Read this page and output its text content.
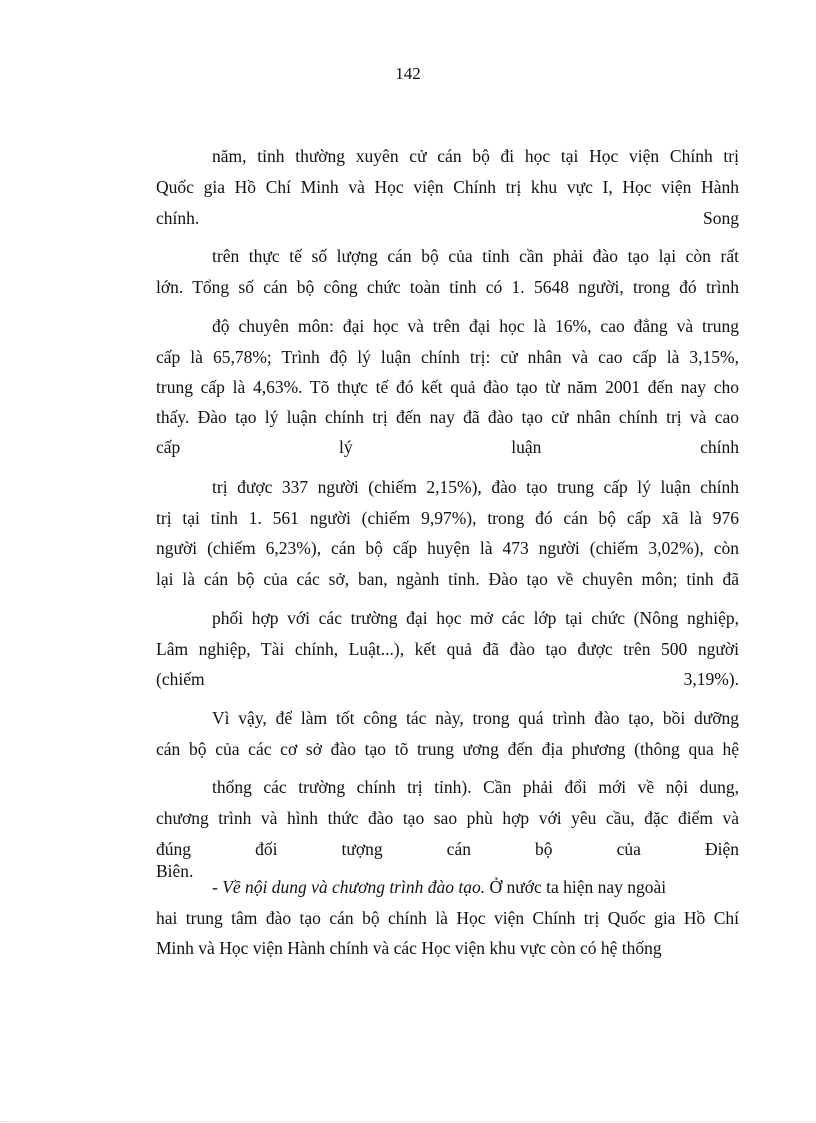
142
năm, tỉnh thường xuyên cử cán bộ đi học tại Học viện Chính trị
Quốc gia Hồ Chí Minh và Học viện Chính trị khu vực I, Học viện Hành
chính.	Song
trên thực tế số lượng cán bộ của tỉnh cần phải đào tạo lại còn rất
lớn. Tổng số cán bộ công chức toàn tỉnh có 1. 5648 người, trong đó trình
độ chuyên môn: đại học và trên đại học là 16%, cao đẳng và trung
cấp là 65,78%; Trình độ lý luận chính trị: cử nhân và cao cấp là 3,15%,
trung cấp là 4,63%. Tõ thực tế đó kết quả đào tạo từ năm 2001 đến nay cho
thấy. Đào tạo lý luận chính trị đến nay đã đào tạo cử nhân chính trị và cao
cấp lý luận chính
trị được 337 người (chiếm 2,15%), đào tạo trung cấp lý luận chính
trị tại tỉnh 1. 561 người (chiếm 9,97%), trong đó cán bộ cấp xã là 976
người (chiếm 6,23%), cán bộ cấp huyện là 473 người (chiếm 3,02%), còn
lại là cán bộ của các sở, ban, ngành tỉnh. Đào tạo về chuyên môn; tỉnh đã
phối hợp với các trường đại học mở các lớp tại chức (Nông nghiệp,
Lâm nghiệp, Tài chính, Luật...), kết quả đã đào tạo được trên 500 người
(chiếm	3,19%).
Vì vậy, để làm tốt công tác này, trong quá trình đào tạo, bồi dưỡng
cán bộ của các cơ sở đào tạo tõ trung ương đến địa phương (thông qua hệ
thống các trường chính trị tỉnh). Cần phải đổi mới về nội dung,
chương trình và hình thức đào tạo sao phù hợp với yêu cầu, đặc điểm và
đúng đối tượng cán bộ của Điện Biên.
- Về nội dung và chương trình đào tạo. Ở nước ta hiện nay ngoài
hai trung tâm đào tạo cán bộ chính là Học viện Chính trị Quốc gia Hồ Chí
Minh và Học viện Hành chính và các Học viện khu vực còn có hệ thống
